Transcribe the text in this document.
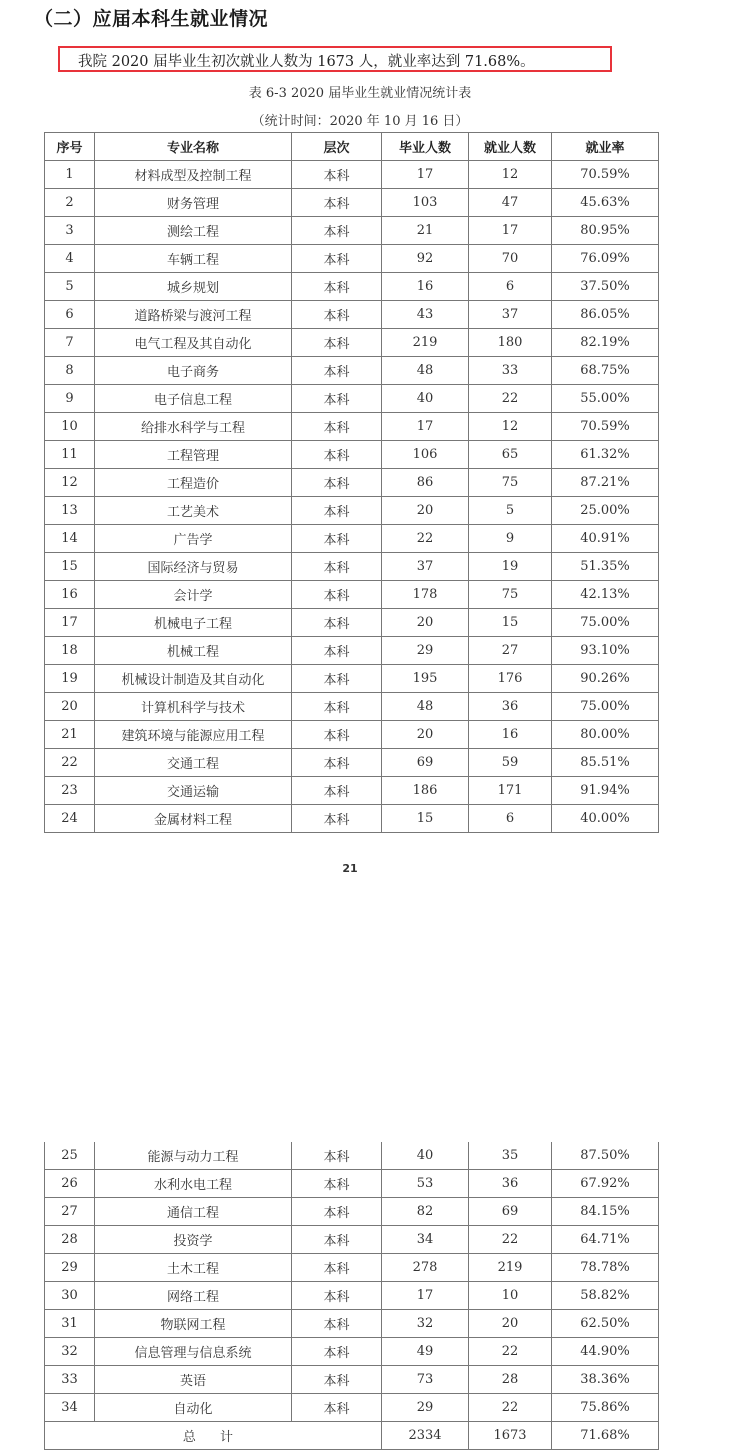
（二）应届本科生就业情况
我院 2020 届毕业生初次就业人数为 1673 人，就业率达到 71.68%。
表 6-3 2020 届毕业生就业情况统计表
（统计时间：2020 年 10 月 16 日）
序号	专业名称	层次	毕业人数	就业人数	就业率
1	材料成型及控制工程	本科	17	12	70.59%
2	财务管理	本科	103	47	45.63%
3	测绘工程	本科	21	17	80.95%
4	车辆工程	本科	92	70	76.09%
5	城乡规划	本科	16	6	37.50%
6	道路桥梁与渡河工程	本科	43	37	86.05%
7	电气工程及其自动化	本科	219	180	82.19%
8	电子商务	本科	48	33	68.75%
9	电子信息工程	本科	40	22	55.00%
10	给排水科学与工程	本科	17	12	70.59%
11	工程管理	本科	106	65	61.32%
12	工程造价	本科	86	75	87.21%
13	工艺美术	本科	20	5	25.00%
14	广告学	本科	22	9	40.91%
15	国际经济与贸易	本科	37	19	51.35%
16	会计学	本科	178	75	42.13%
17	机械电子工程	本科	20	15	75.00%
18	机械工程	本科	29	27	93.10%
19	机械设计制造及其自动化	本科	195	176	90.26%
20	计算机科学与技术	本科	48	36	75.00%
21	建筑环境与能源应用工程	本科	20	16	80.00%
22	交通工程	本科	69	59	85.51%
23	交通运输	本科	186	171	91.94%
24	金属材料工程	本科	15	6	40.00%
21
25	能源与动力工程	本科	40	35	87.50%
26	水利水电工程	本科	53	36	67.92%
27	通信工程	本科	82	69	84.15%
28	投资学	本科	34	22	64.71%
29	土木工程	本科	278	219	78.78%
30	网络工程	本科	17	10	58.82%
31	物联网工程	本科	32	20	62.50%
32	信息管理与信息系统	本科	49	22	44.90%
33	英语	本科	73	28	38.36%
34	自动化	本科	29	22	75.86%
总 计			2334	1673	71.68%
